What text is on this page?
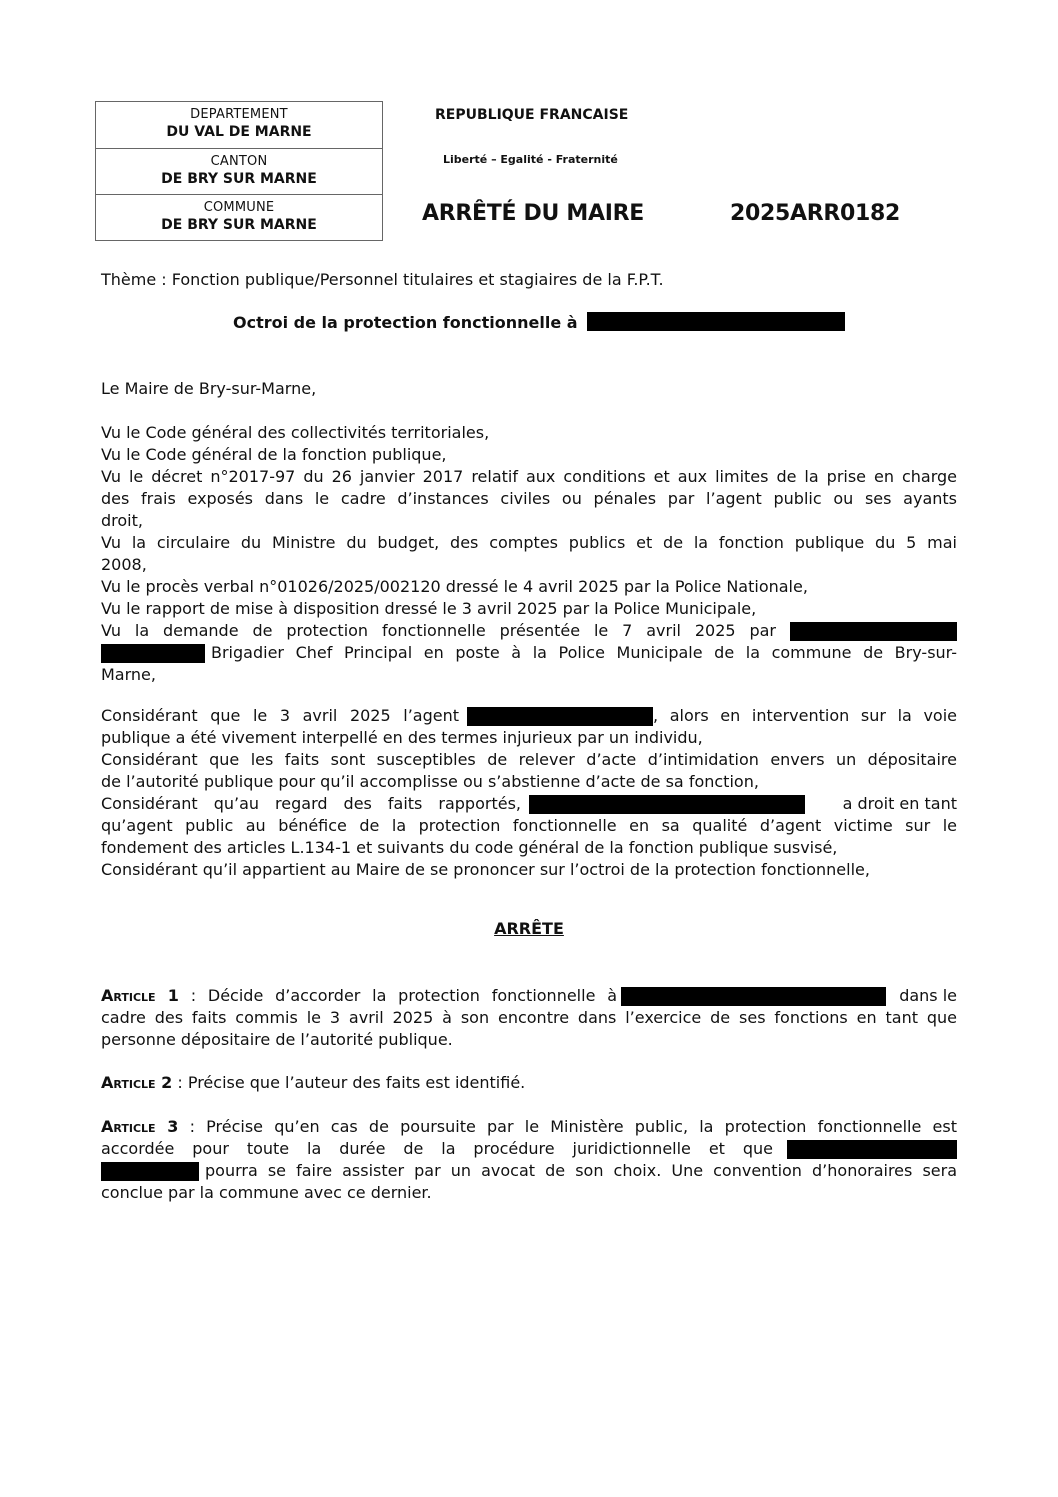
DEPARTEMENT
DU VAL DE MARNE
CANTON
DE BRY SUR MARNE
COMMUNE
DE BRY SUR MARNE
REPUBLIQUE FRANCAISE
Liberté – Egalité - Fraternité
ARRÊTÉ DU MAIRE	2025ARR0182
Thème : Fonction publique/Personnel titulaires et stagiaires de la F.P.T.
Octroi de la protection fonctionnelle à
Le Maire de Bry-sur-Marne,
Vu le Code général des collectivités territoriales,
Vu le Code général de la fonction publique,
Vu le décret n°2017-97 du 26 janvier 2017 relatif aux conditions et aux limites de la prise en charge
des frais exposés dans le cadre d’instances civiles ou pénales par l’agent public ou ses ayants
droit,
Vu la circulaire du Ministre du budget, des comptes publics et de la fonction publique du 5 mai
2008,
Vu le procès verbal n°01026/2025/002120 dressé le 4 avril 2025 par la Police Nationale,
Vu le rapport de mise à disposition dressé le 3 avril 2025 par la Police Municipale,
Vu la demande de protection fonctionnelle présentée le 7 avril 2025 par
Brigadier Chef Principal en poste à la Police Municipale de la commune de Bry-sur-
Marne,
Considérant que le 3 avril 2025 l’agent	, alors en intervention sur la voie
publique a été vivement interpellé en des termes injurieux par un individu,
Considérant que les faits sont susceptibles de relever d’acte d’intimidation envers un dépositaire
de l’autorité publique pour qu’il accomplisse ou s’abstienne d’acte de sa fonction,
Considérant qu’au regard des faits rapportés,	a droit en tant
qu’agent public au bénéfice de la protection fonctionnelle en sa qualité d’agent victime sur le
fondement des articles L.134-1 et suivants du code général de la fonction publique susvisé,
Considérant qu’il appartient au Maire de se prononcer sur l’octroi de la protection fonctionnelle,
ARRÊTE
Article 1 : Décide d’accorder la protection fonctionnelle à	dans le
cadre des faits commis le 3 avril 2025 à son encontre dans l’exercice de ses fonctions en tant que
personne dépositaire de l’autorité publique.
Article 2 : Précise que l’auteur des faits est identifié.
Article 3 : Précise qu’en cas de poursuite par le Ministère public, la protection fonctionnelle est
accordée pour toute la durée de la procédure juridictionnelle et que
pourra se faire assister par un avocat de son choix. Une convention d’honoraires sera
conclue par la commune avec ce dernier.
